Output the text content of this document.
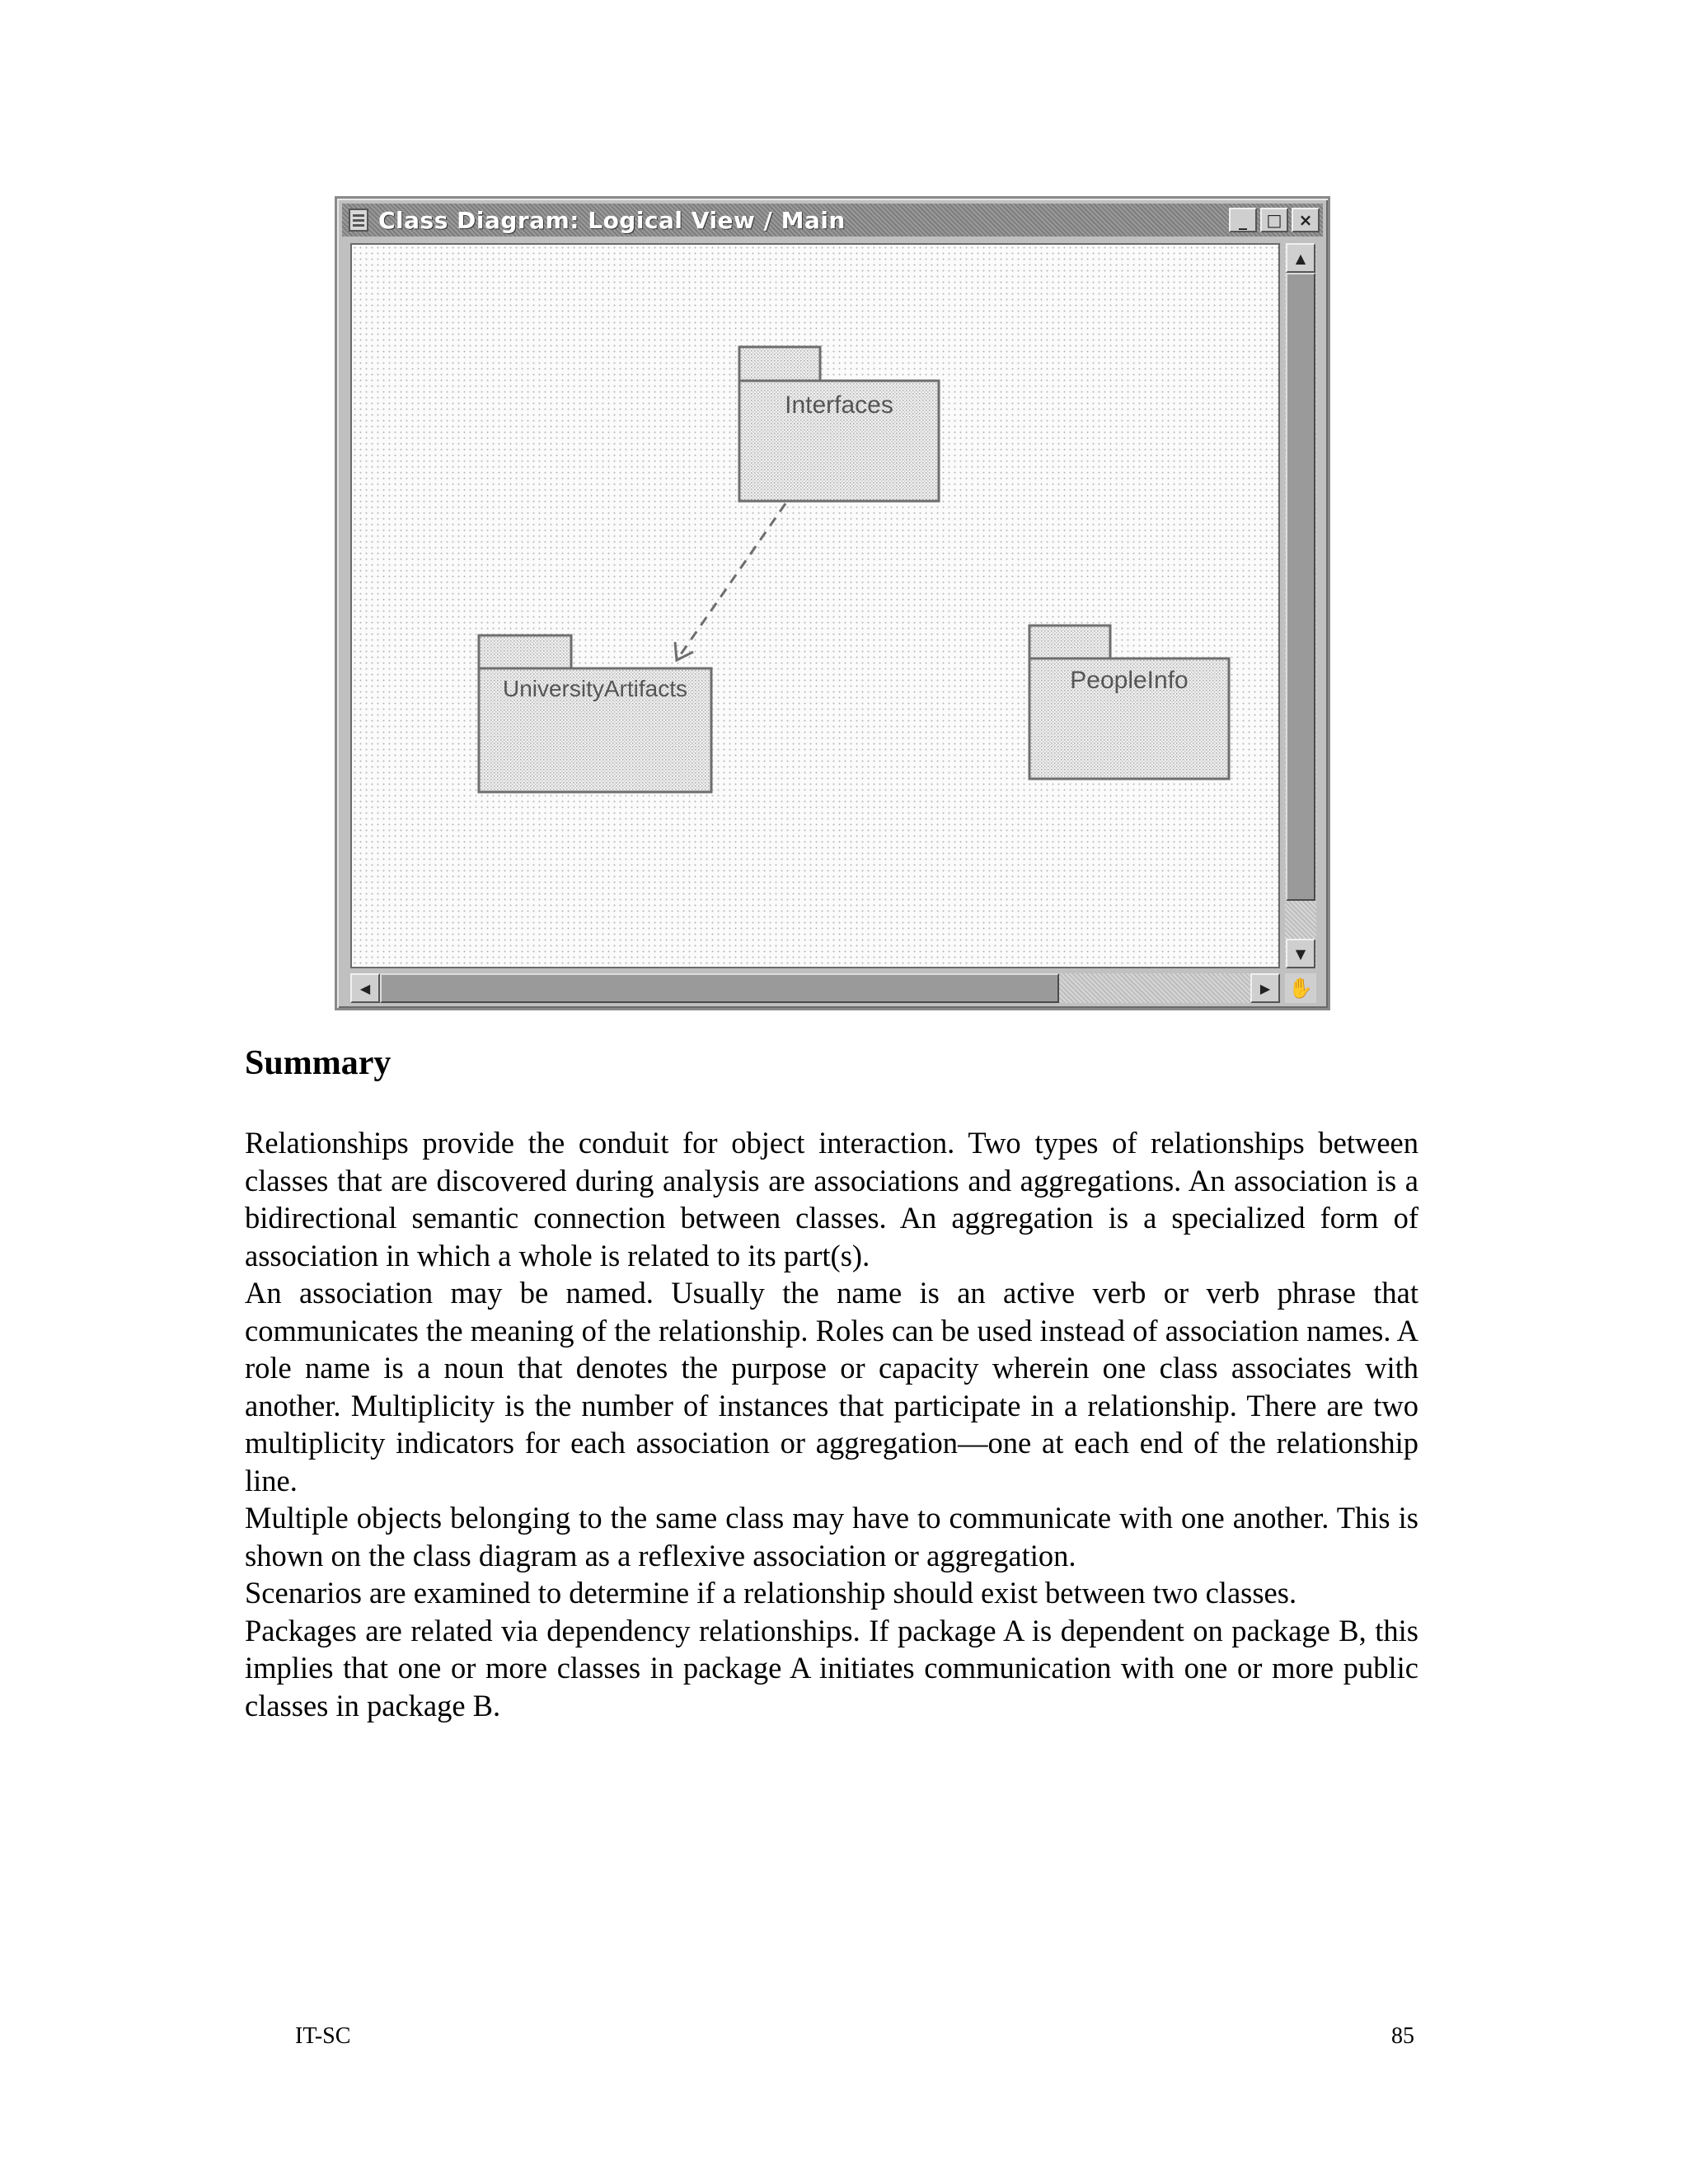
Class Diagram: Logical View / Main	_	□	×
Interfaces
UniversityArtifacts	PeopleInfo
▲
▼
◀	▶ ✋
Summary

Relationships provide the conduit for object interaction. Two types of relationships between classes that are discovered during analysis are associations and aggregations. An association is a bidirectional semantic connection between classes. An aggregation is a specialized form of association in which a whole is related to its part(s).

An association may be named. Usually the name is an active verb or verb phrase that communicates the meaning of the relationship. Roles can be used instead of association names. A role name is a noun that denotes the purpose or capacity wherein one class associates with another. Multiplicity is the number of instances that participate in a relationship. There are two multiplicity indicators for each association or aggregation—one at each end of the relationship line.

Multiple objects belonging to the same class may have to communicate with one another. This is shown on the class diagram as a reflexive association or aggregation.

Scenarios are examined to determine if a relationship should exist between two classes.

Packages are related via dependency relationships. If package A is dependent on package B, this implies that one or more classes in package A initiates communication with one or more public classes in package B.

IT-SC	85
